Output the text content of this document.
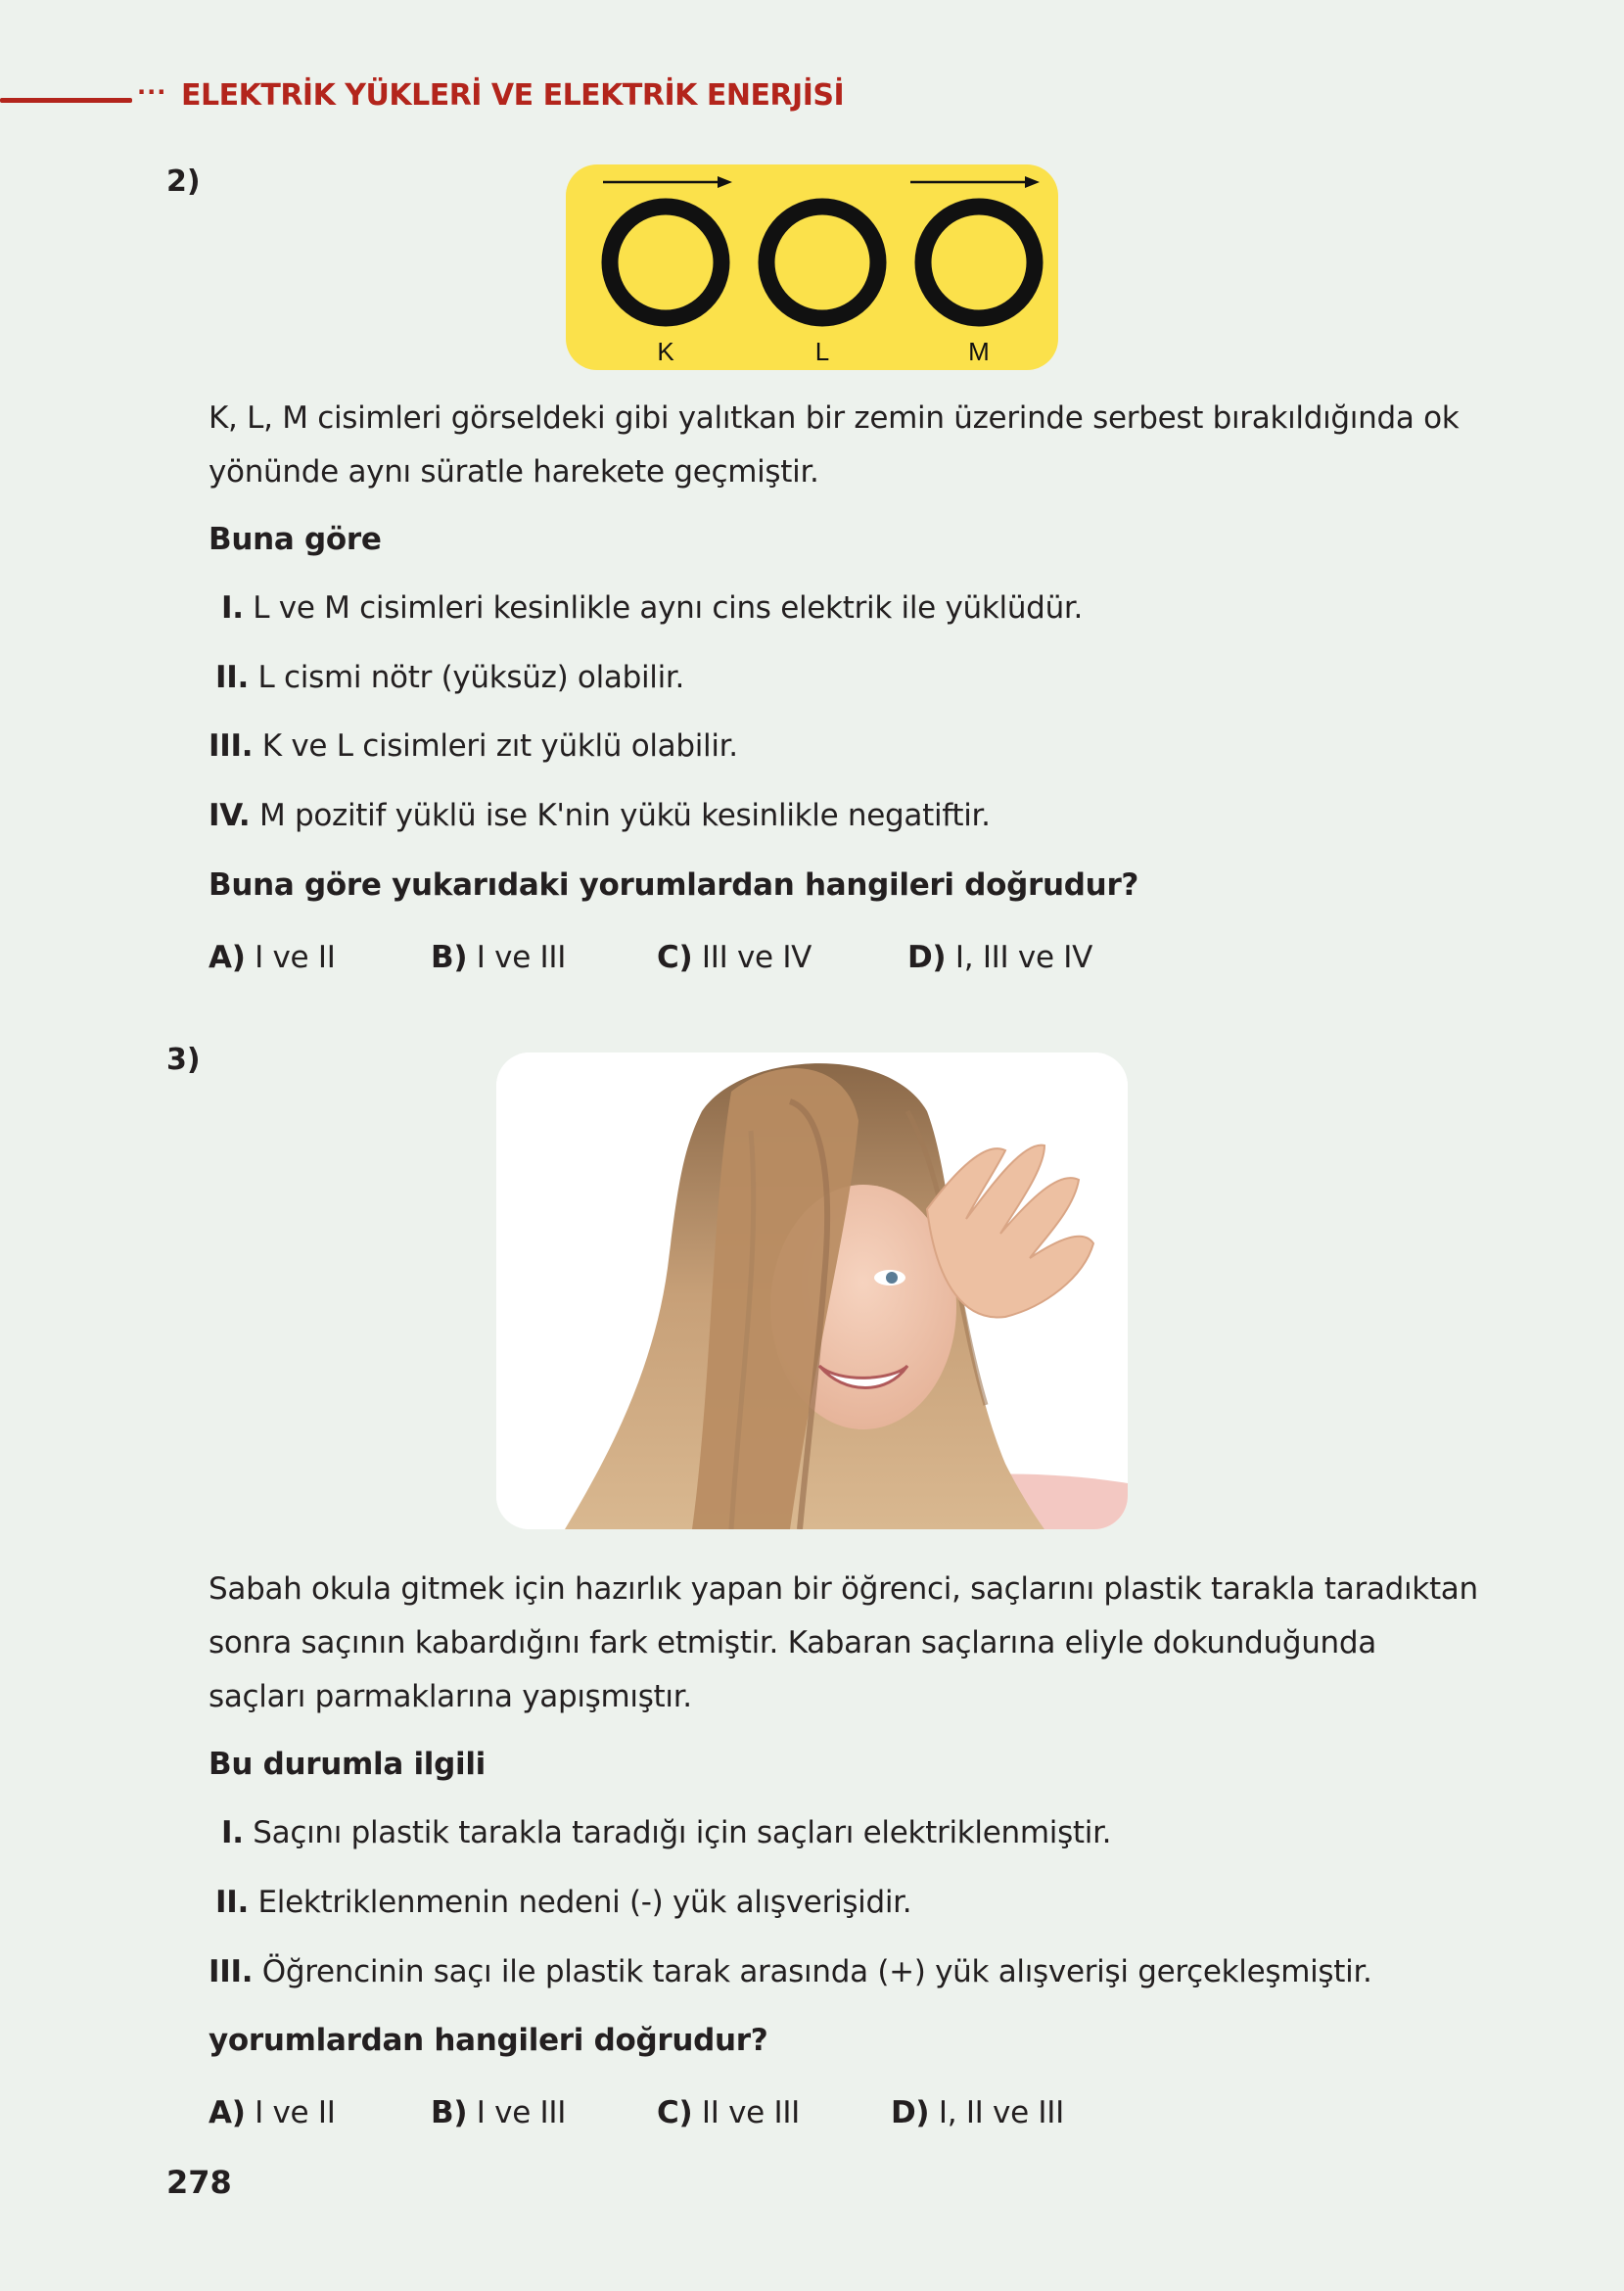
··· ELEKTRİK YÜKLERİ VE ELEKTRİK ENERJİSİ
2)
K	L	M
K, L, M cisimleri görseldeki gibi yalıtkan bir zemin üzerinde serbest bırakıldığında ok yönünde aynı süratle harekete geçmiştir.
Buna göre
I. L ve M cisimleri kesinlikle aynı cins elektrik ile yüklüdür.
II. L cismi nötr (yüksüz) olabilir.
III. K ve L cisimleri zıt yüklü olabilir.
IV. M pozitif yüklü ise K'nin yükü kesinlikle negatiftir.
Buna göre yukarıdaki yorumlardan hangileri doğrudur?
A) I ve II	B) I ve III	C) III ve IV	D) I, III ve IV
3)
Sabah okula gitmek için hazırlık yapan bir öğrenci, saçlarını plastik tarakla taradıktan sonra saçının kabardığını fark etmiştir. Kabaran saçlarına eliyle dokunduğunda saçları parmaklarına yapışmıştır.
Bu durumla ilgili
I. Saçını plastik tarakla taradığı için saçları elektriklenmiştir.
II. Elektriklenmenin nedeni (-) yük alışverişidir.
III. Öğrencinin saçı ile plastik tarak arasında (+) yük alışverişi gerçekleşmiştir.
yorumlardan hangileri doğrudur?
A) I ve II	B) I ve III	C) II ve III	D) I, II ve III
278
